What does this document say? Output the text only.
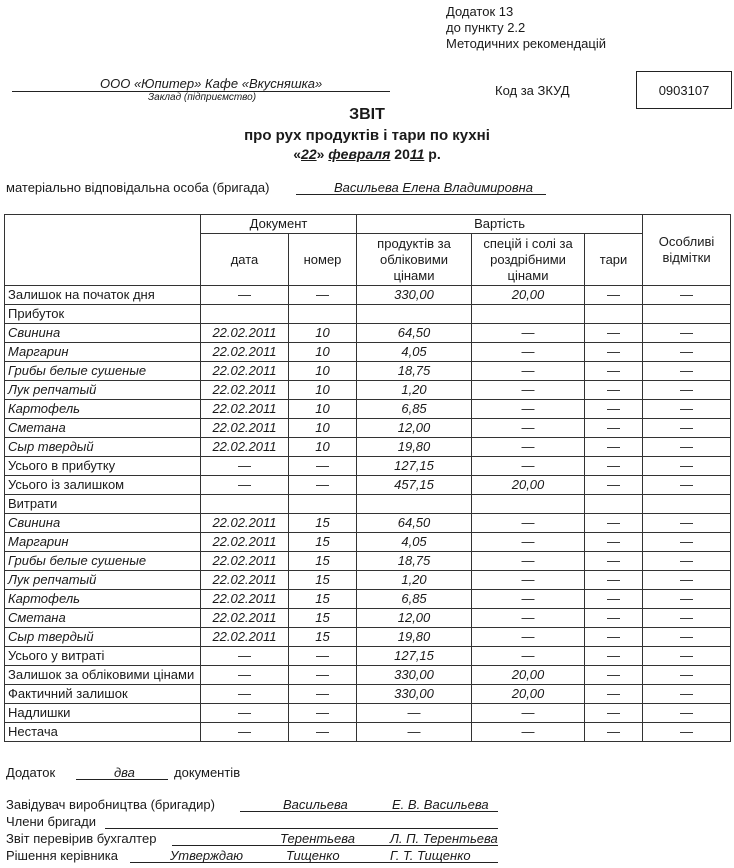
Додаток 13
до пункту 2.2
Методичних рекомендацій
ООО «Юпитер» Кафе «Вкусняшка»
Заклад (підприємство)	Код за ЗКУД	0903107
ЗВІТ
про рух продуктів і тари по кухні
«22» февраля 2011 р.
матеріально відповідальна особа (бригада)	Васильева Елена Владимировна
	Документ		Вартість			Особливі відмітки
	дата	номер	продуктів за обліковими цінами	спецій і солі за роздрібними цінами	тари	
Залишок на початок дня	—	—	330,00	20,00	—	—
Прибуток						
Свинина	22.02.2011	10	64,50	—	—	—
Маргарин	22.02.2011	10	4,05	—	—	—
Грибы белые сушеные	22.02.2011	10	18,75	—	—	—
Лук репчатый	22.02.2011	10	1,20	—	—	—
Картофель	22.02.2011	10	6,85	—	—	—
Сметана	22.02.2011	10	12,00	—	—	—
Сыр твердый	22.02.2011	10	19,80	—	—	—
Усього в прибутку	—	—	127,15	—	—	—
Усього із залишком	—	—	457,15	20,00	—	—
Витрати						
Свинина	22.02.2011	15	64,50	—	—	—
Маргарин	22.02.2011	15	4,05	—	—	—
Грибы белые сушеные	22.02.2011	15	18,75	—	—	—
Лук репчатый	22.02.2011	15	1,20	—	—	—
Картофель	22.02.2011	15	6,85	—	—	—
Сметана	22.02.2011	15	12,00	—	—	—
Сыр твердый	22.02.2011	15	19,80	—	—	—
Усього у витраті	—	—	127,15	—	—	—
Залишок за обліковими цінами	—	—	330,00	20,00	—	—
Фактичний залишок	—	—	330,00	20,00	—	—
Надлишки	—	—	—	—	—	—
Нестача	—	—	—	—	—	—
Додаток	два	документів
Завідувач виробництва (бригадир)	Васильева	Е. В. Васильева
Члени бригади
Звіт перевірив бухгалтер	Терентьева	Л. П. Терентьева
Рішення керівника	Утверждаю	Тищенко	Г. Т. Тищенко
